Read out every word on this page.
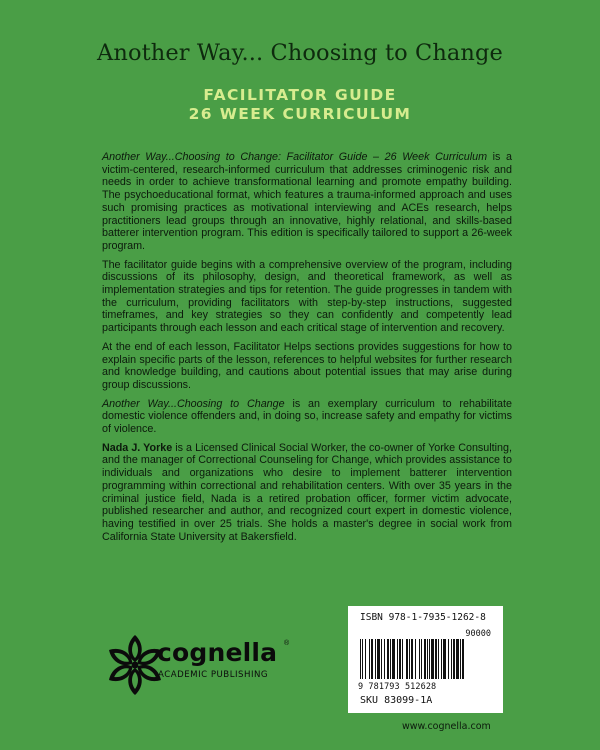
Another Way... Choosing to Change
FACILITATOR GUIDE
26 WEEK CURRICULUM

Another Way...Choosing to Change: Facilitator Guide – 26 Week Curriculum is a victim-centered, research-informed curriculum that addresses criminogenic risk and needs in order to achieve transformational learning and promote empathy building. The psychoeducational format, which features a trauma-informed approach and uses such promising practices as motivational interviewing and ACEs research, helps practitioners lead groups through an innovative, highly relational, and skills-based batterer intervention program. This edition is specifically tailored to support a 26-week program.

The facilitator guide begins with a comprehensive overview of the program, including discussions of its philosophy, design, and theoretical framework, as well as implementation strategies and tips for retention. The guide progresses in tandem with the curriculum, providing facilitators with step-by-step instructions, suggested timeframes, and key strategies so they can confidently and competently lead participants through each lesson and each critical stage of intervention and recovery.

At the end of each lesson, Facilitator Helps sections provides suggestions for how to explain specific parts of the lesson, references to helpful websites for further research and knowledge building, and cautions about potential issues that may arise during group discussions.

Another Way...Choosing to Change is an exemplary curriculum to rehabilitate domestic violence offenders and, in doing so, increase safety and empathy for victims of violence.

Nada J. Yorke is a Licensed Clinical Social Worker, the co-owner of Yorke Consulting, and the manager of Correctional Counseling for Change, which provides assistance to individuals and organizations who desire to implement batterer intervention programming within correctional and rehabilitation centers. With over 35 years in the criminal justice field, Nada is a retired probation officer, former victim advocate, published researcher and author, and recognized court expert in domestic violence, having testified in over 25 trials. She holds a master's degree in social work from California State University at Bakersfield.

cognella ®
ACADEMIC PUBLISHING
ISBN 978-1-7935-1262-8
90000
9 781793 512628
SKU 83099-1A
www.cognella.com
